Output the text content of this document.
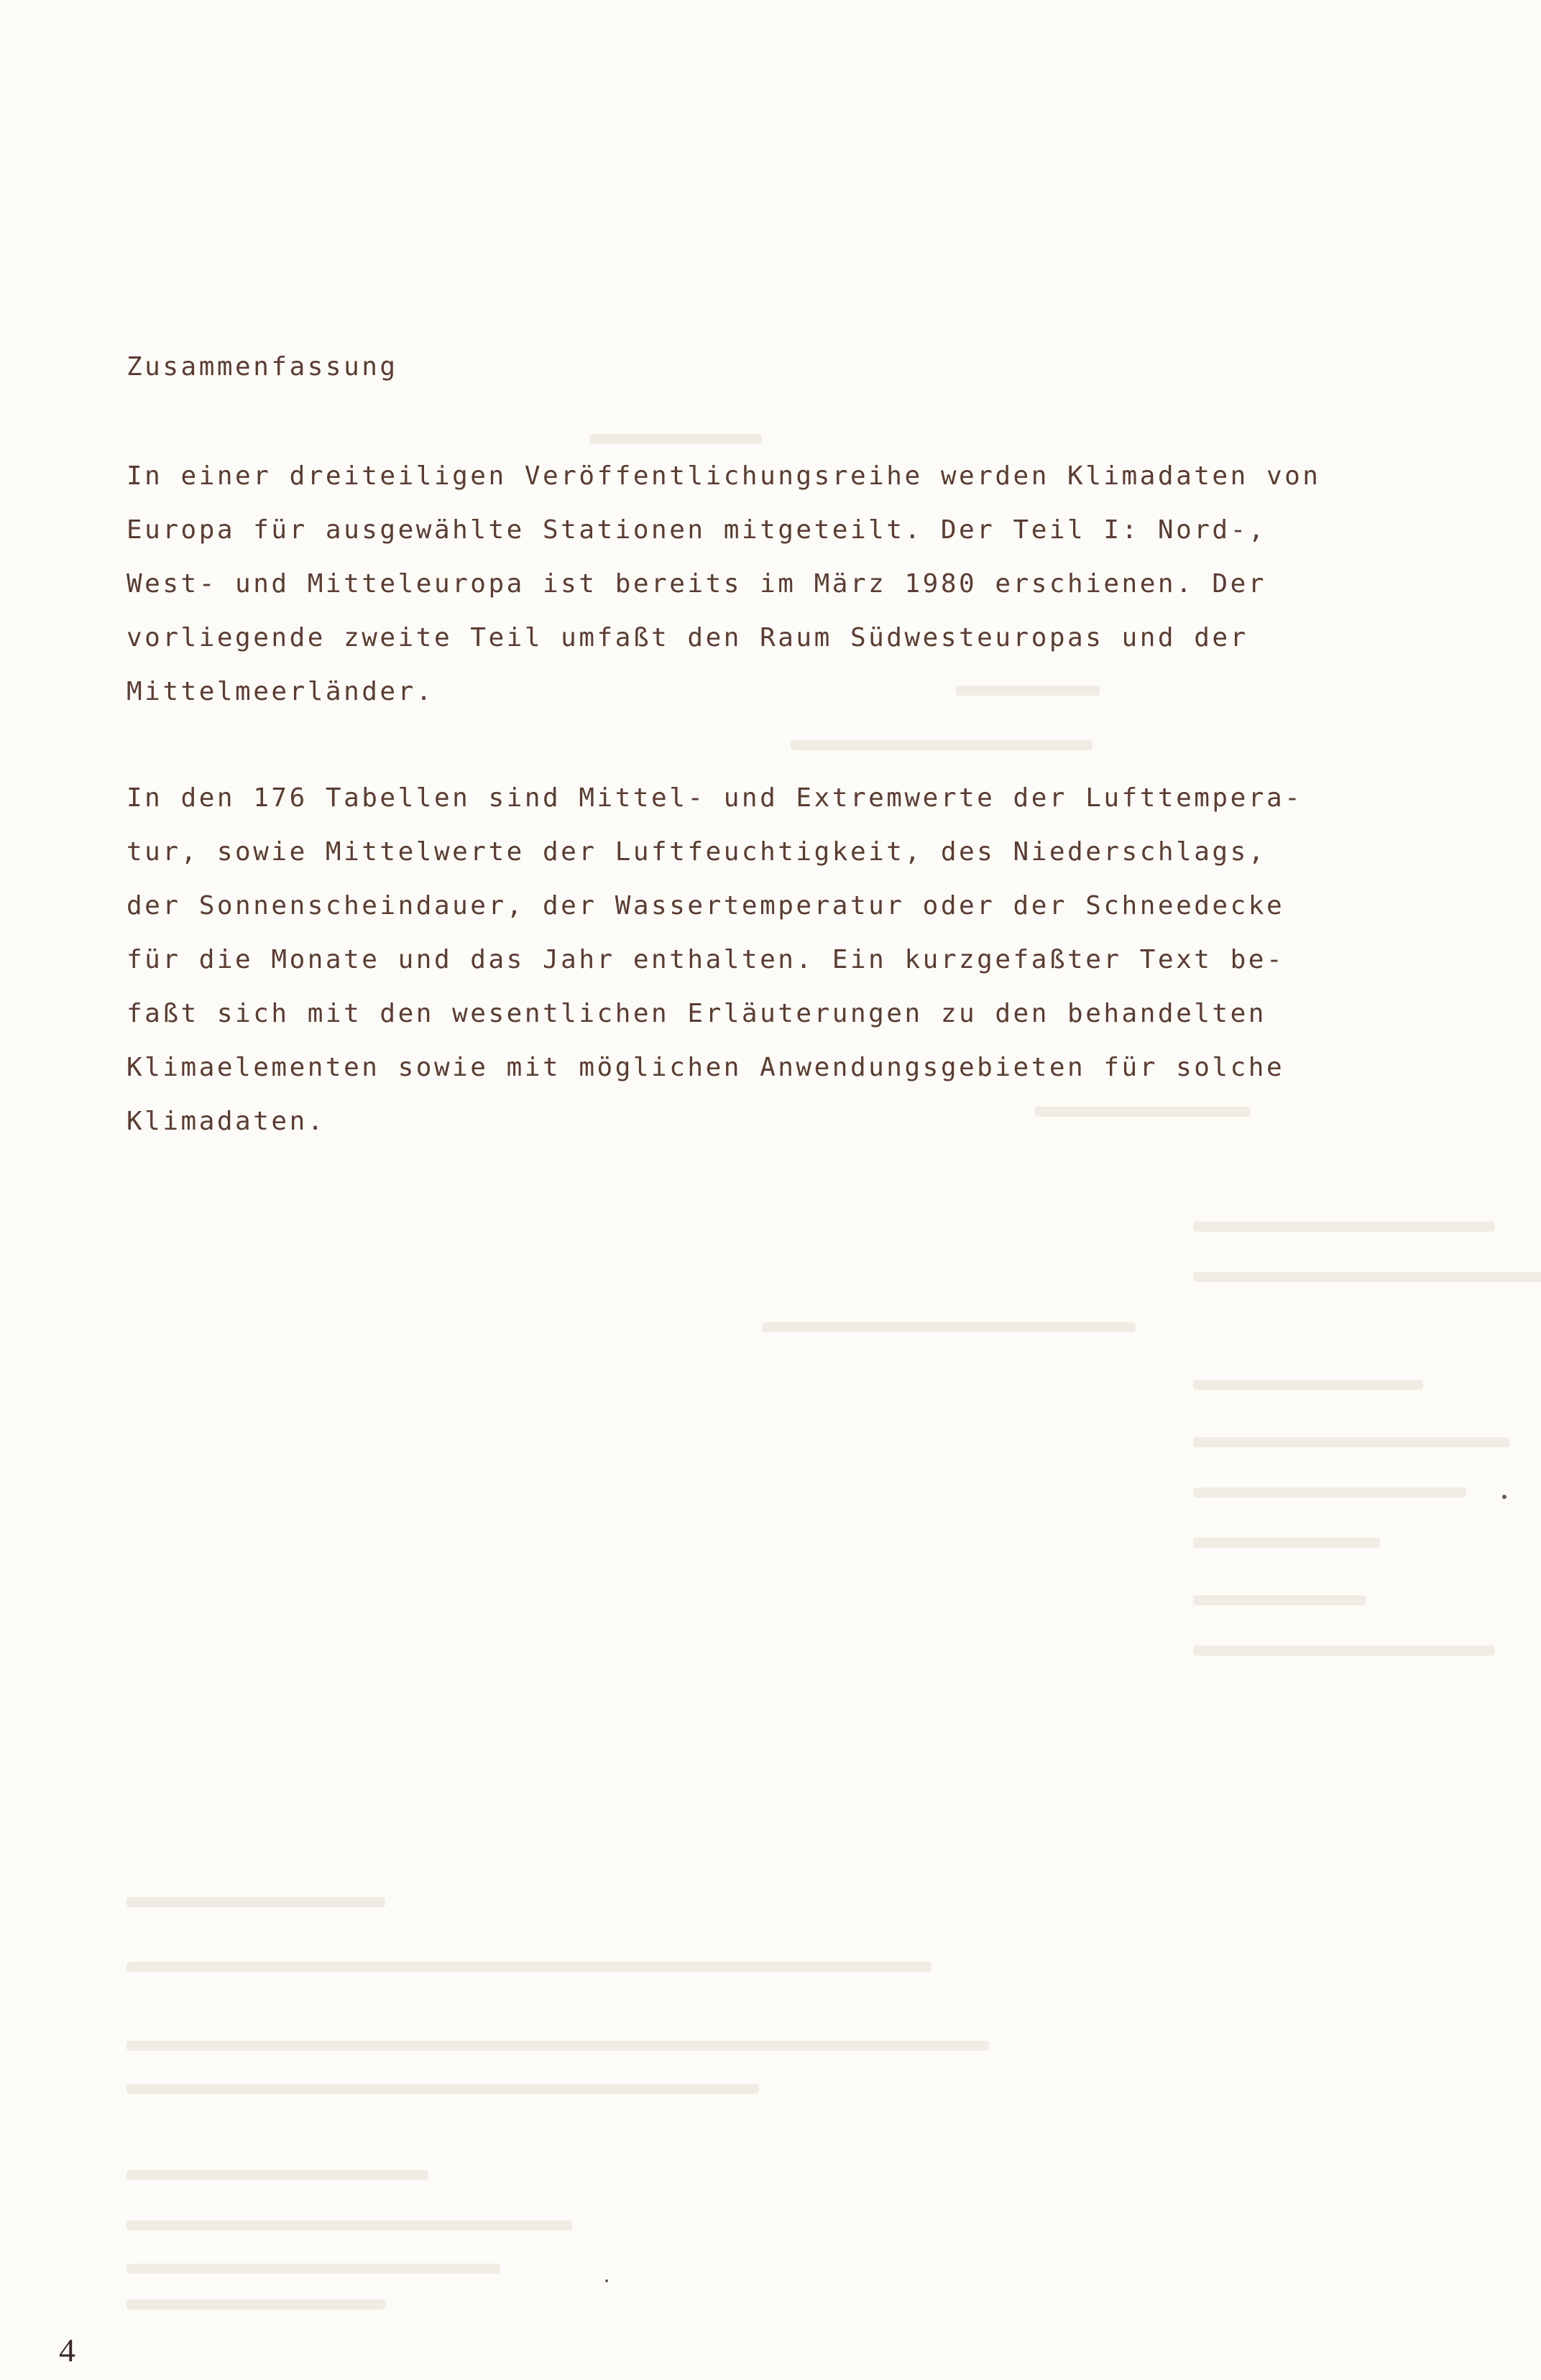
Zusammenfassung
In einer dreiteiligen Veröffentlichungsreihe werden Klimadaten von
Europa für ausgewählte Stationen mitgeteilt. Der Teil I: Nord-,
West- und Mitteleuropa ist bereits im März 1980 erschienen. Der
vorliegende zweite Teil umfaßt den Raum Südwesteuropas und der
Mittelmeerländer.
In den 176 Tabellen sind Mittel- und Extremwerte der Lufttempera-
tur, sowie Mittelwerte der Luftfeuchtigkeit, des Niederschlags,
der Sonnenscheindauer, der Wassertemperatur oder der Schneedecke
für die Monate und das Jahr enthalten. Ein kurzgefaßter Text be-
faßt sich mit den wesentlichen Erläuterungen zu den behandelten
Klimaelementen sowie mit möglichen Anwendungsgebieten für solche
Klimadaten.
4
